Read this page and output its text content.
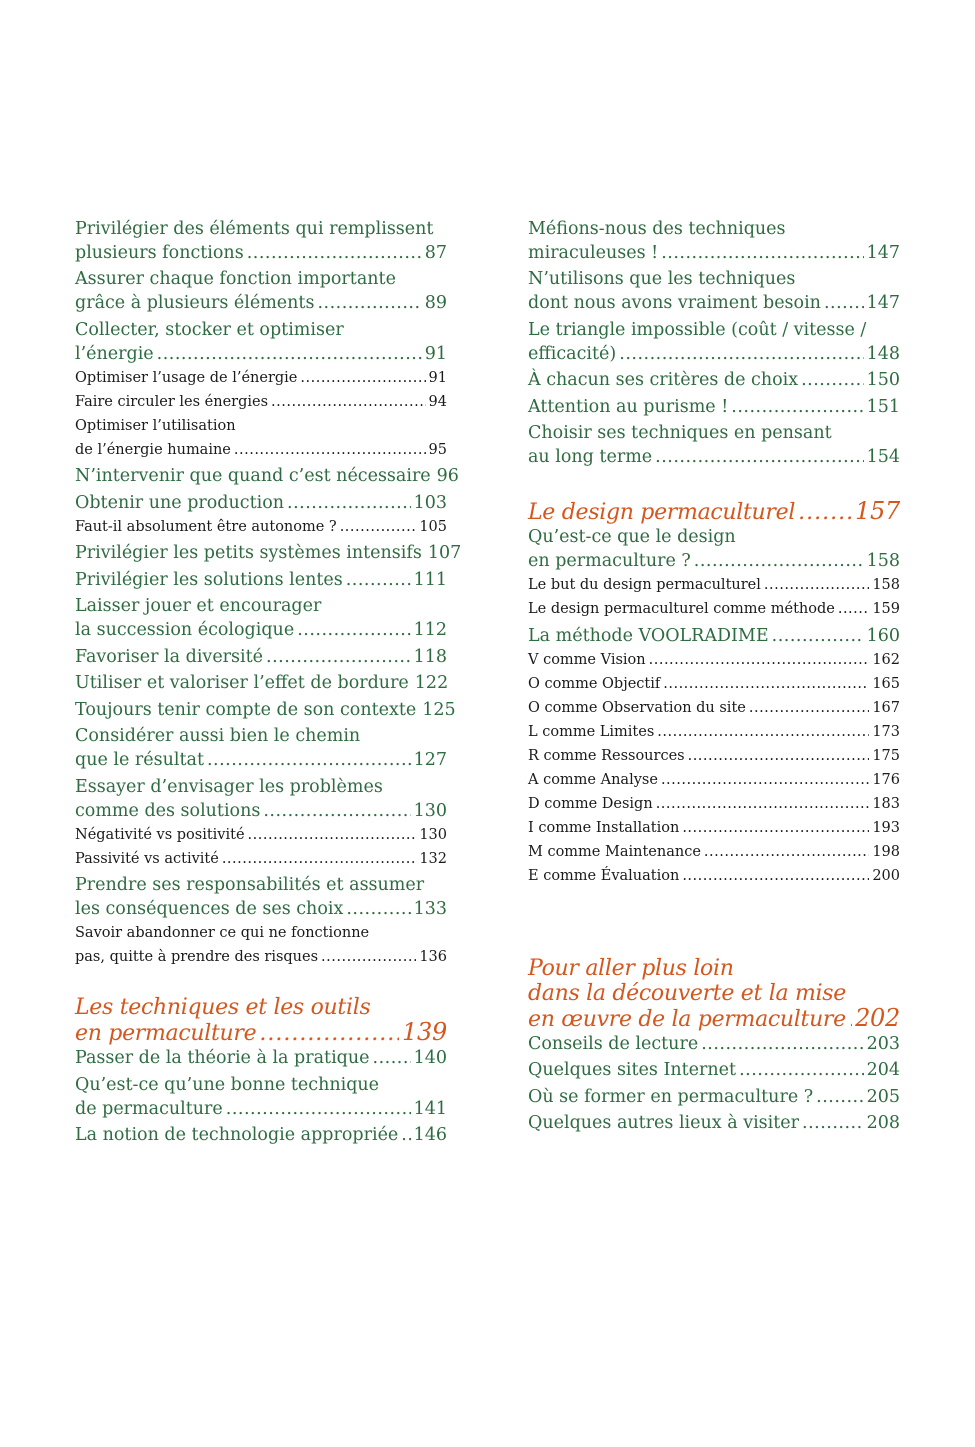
Privilégier des éléments qui remplissent
plusieurs fonctions .....	87
Assurer chaque fonction importante
grâce à plusieurs éléments .....	89
Collecter, stocker et optimiser
l’énergie .....	91
Optimiser l’usage de l’énergie .....	91
Faire circuler les énergies .....	94
Optimiser l’utilisation
de l’énergie humaine .....	95
N’intervenir que quand c’est nécessaire 96
Obtenir une production .....	103
Faut-il absolument être autonome ? .....	105
Privilégier les petits systèmes intensifs 107
Privilégier les solutions lentes .....	111
Laisser jouer et encourager
la succession écologique .....	112
Favoriser la diversité .....	118
Utiliser et valoriser l’effet de bordure 122
Toujours tenir compte de son contexte 125
Considérer aussi bien le chemin
que le résultat .....	127
Essayer d’envisager les problèmes
comme des solutions .....	130
Négativité vs positivité .....	130
Passivité vs activité .....	132
Prendre ses responsabilités et assumer
les conséquences de ses choix .....	133
Savoir abandonner ce qui ne fonctionne
pas, quitte à prendre des risques .....	136
Les techniques et les outils
en permaculture .....	139
Passer de la théorie à la pratique .....	140
Qu’est-ce qu’une bonne technique
de permaculture .....	141
La notion de technologie appropriée ..... 146
Méfions-nous des techniques
miraculeuses ! .....	147
N’utilisons que les techniques
dont nous avons vraiment besoin .....	147
Le triangle impossible (coût / vitesse /
efficacité) .....	148
À chacun ses critères de choix .....	150
Attention au purisme ! .....	151
Choisir ses techniques en pensant
au long terme .....	154
Le design permaculturel ..... 157
Qu’est-ce que le design
en permaculture ? .....	158
Le but du design permaculturel .....	158
Le design permaculturel comme méthode .....	159
La méthode VOOLRADIME .....	160
V comme Vision .....	162
O comme Objectif .....	165
O comme Observation du site .....	167
L comme Limites .....	173
R comme Ressources .....	175
A comme Analyse .....	176
D comme Design .....	183
I comme Installation .....	193
M comme Maintenance .....	198
E comme Évaluation .....	200
Pour aller plus loin
dans la découverte et la mise
en œuvre de la permaculture ..... 202
Conseils de lecture .....	203
Quelques sites Internet .....	204
Où se former en permaculture ? .....	205
Quelques autres lieux à visiter .....	208
